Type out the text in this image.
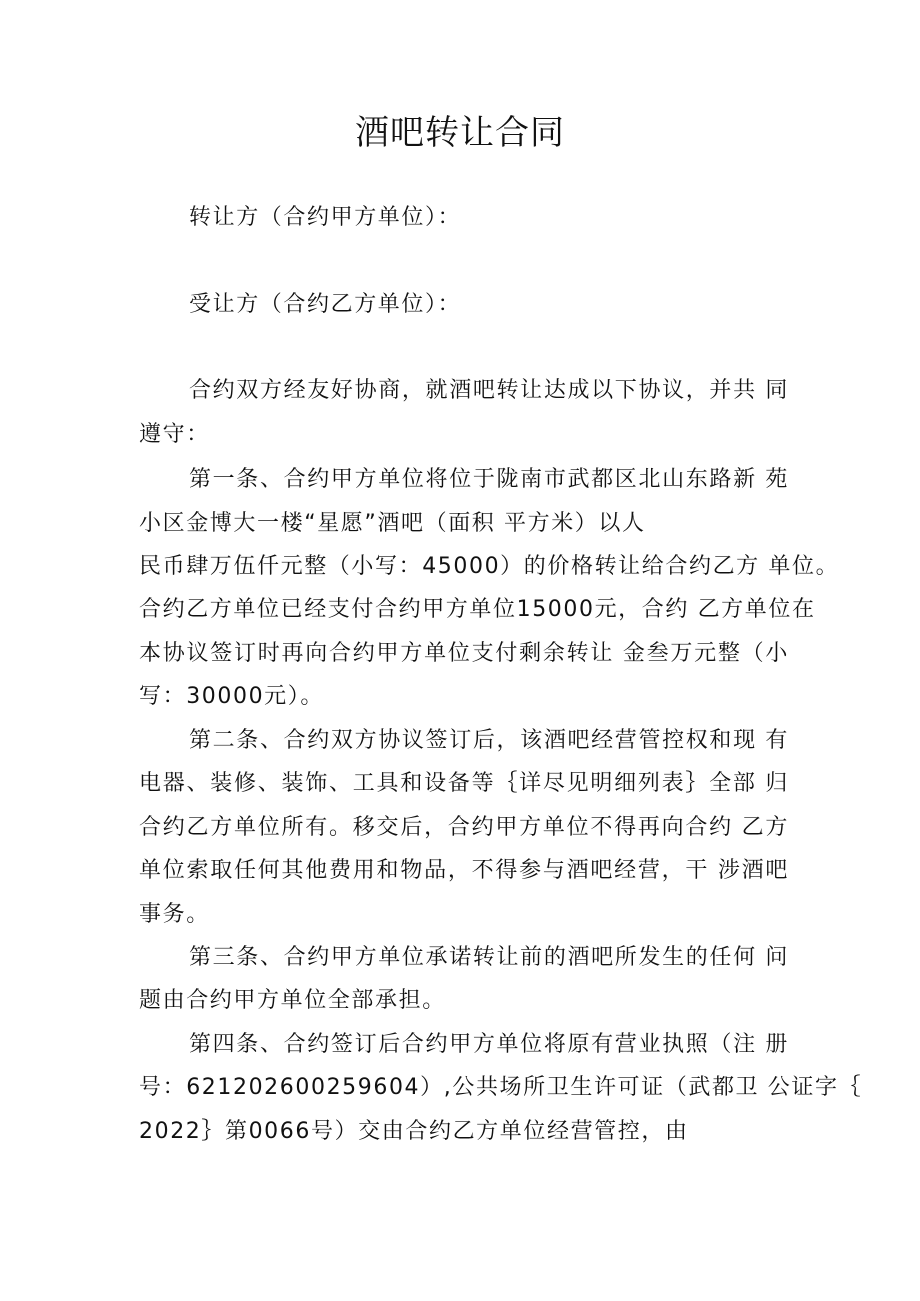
酒吧转让合同
转让方（合约甲方单位）：
受让方（合约乙方单位）：
合约双方经友好协商，就酒吧转让达成以下协议，并共 同
遵守：
第一条、合约甲方单位将位于陇南市武都区北山东路新 苑
小区金博大一楼“星愿”酒吧（面积 平方米）以人
民币肆万伍仟元整（小写：45000）的价格转让给合约乙方 单位。
合约乙方单位已经支付合约甲方单位15000元，合约 乙方单位在
本协议签订时再向合约甲方单位支付剩余转让 金叁万元整（小
写：30000元）。
第二条、合约双方协议签订后，该酒吧经营管控权和现 有
电器、装修、装饰、工具和设备等｛详尽见明细列表｝全部 归
合约乙方单位所有。移交后，合约甲方单位不得再向合约 乙方
单位索取任何其他费用和物品，不得参与酒吧经营，干 涉酒吧
事务。
第三条、合约甲方单位承诺转让前的酒吧所发生的任何 问
题由合约甲方单位全部承担。
第四条、合约签订后合约甲方单位将原有营业执照（注 册
号：621202600259604）,公共场所卫生许可证（武都卫 公证字｛
2022｝第0066号）交由合约乙方单位经营管控，由
